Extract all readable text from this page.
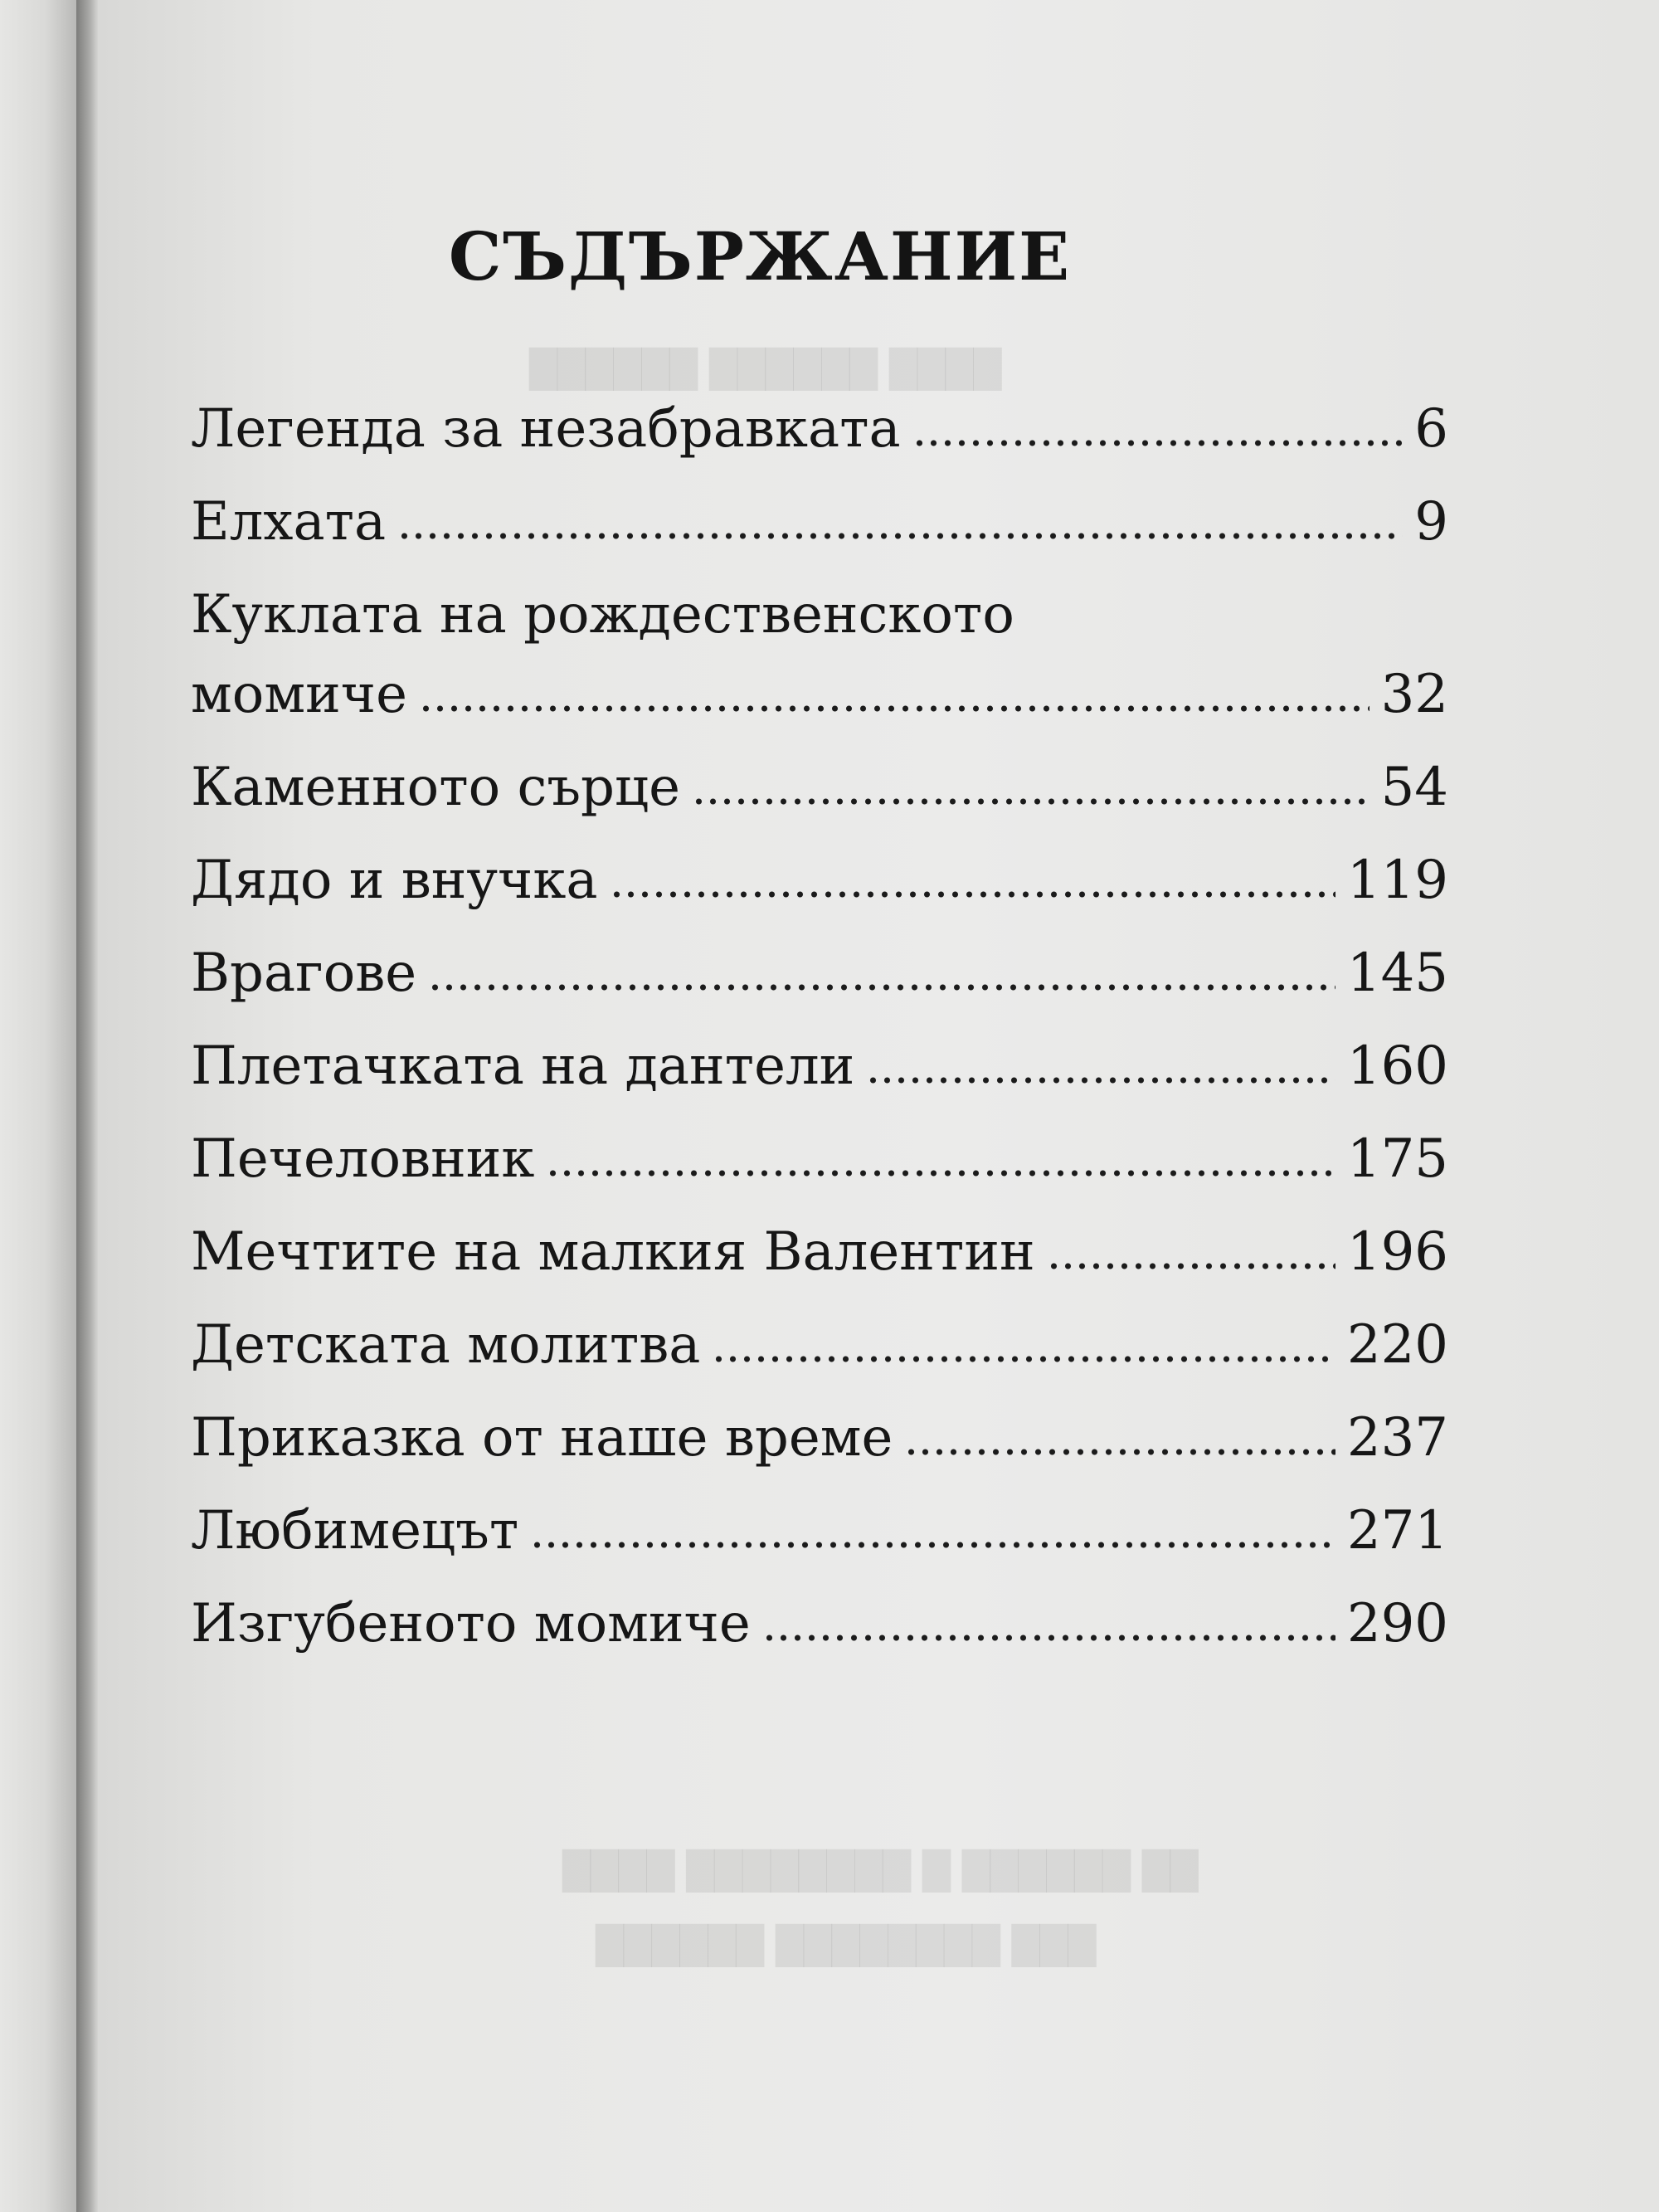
████ ██████ ██████
██ ██████ █ ████████ ████
███ ████████ ██████
СЪДЪРЖАНИЕ
Легенда за незабравката	6
Елхата	9
Куклата на рождественското
момиче	32
Каменното сърце	54
Дядо и внучка	119
Врагове	145
Плетачката на дантели	160
Печеловник	175
Мечтите на малкия Валентин	196
Детската молитва	220
Приказка от наше време	237
Любимецът	271
Изгубеното момиче	290
